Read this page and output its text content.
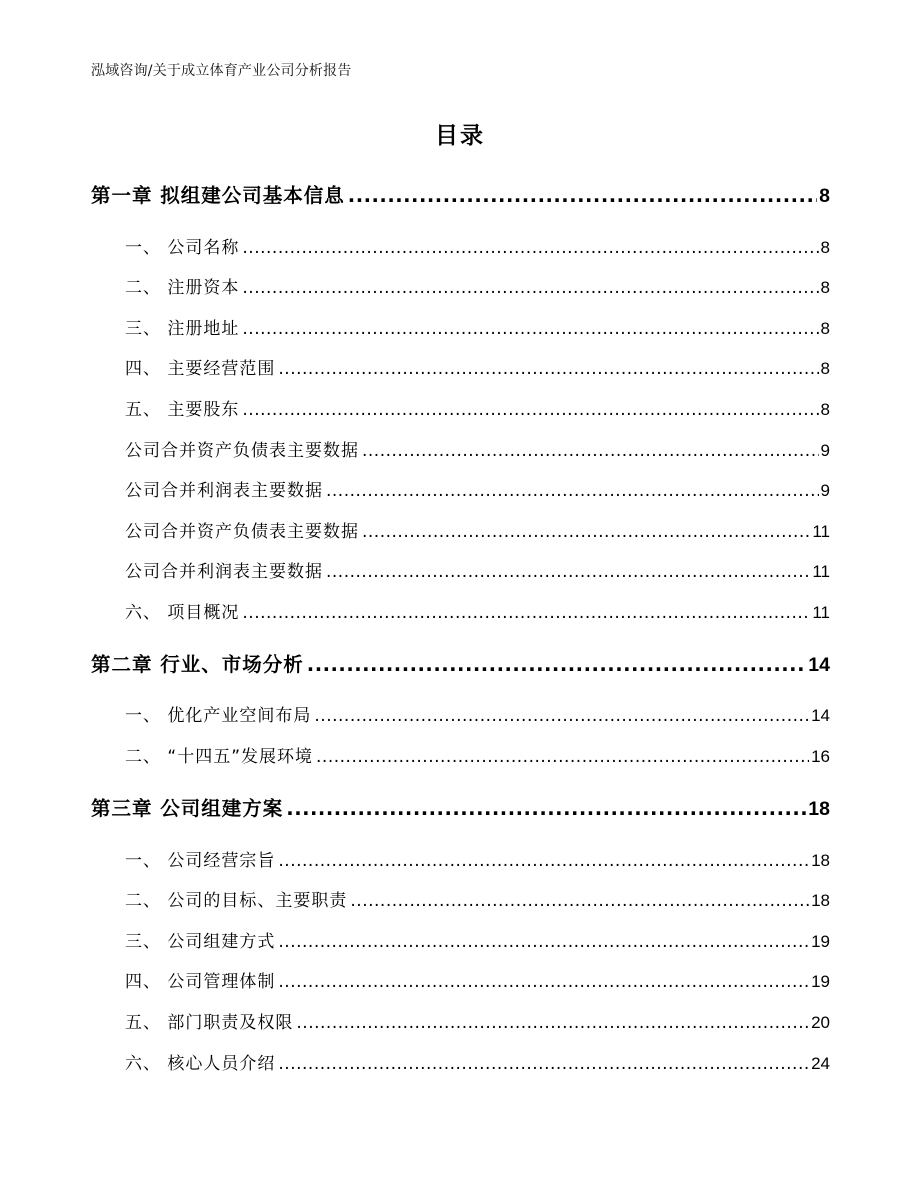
泓域咨询/关于成立体育产业公司分析报告
目录
第一章 拟组建公司基本信息 .....	8
一、 公司名称 .....	8
二、 注册资本 .....	8
三、 注册地址 .....	8
四、 主要经营范围 .....	8
五、 主要股东 .....	8
公司合并资产负债表主要数据 .....	9
公司合并利润表主要数据 .....	9
公司合并资产负债表主要数据 .....	11
公司合并利润表主要数据 .....	11
六、 项目概况 .....	11
第二章 行业、市场分析 .....	14
一、 优化产业空间布局 .....	14
二、 “十四五”发展环境 .....	16
第三章 公司组建方案 .....	18
一、 公司经营宗旨 .....	18
二、 公司的目标、主要职责 .....	18
三、 公司组建方式 .....	19
四、 公司管理体制 .....	19
五、 部门职责及权限 .....	20
六、 核心人员介绍 .....	24
